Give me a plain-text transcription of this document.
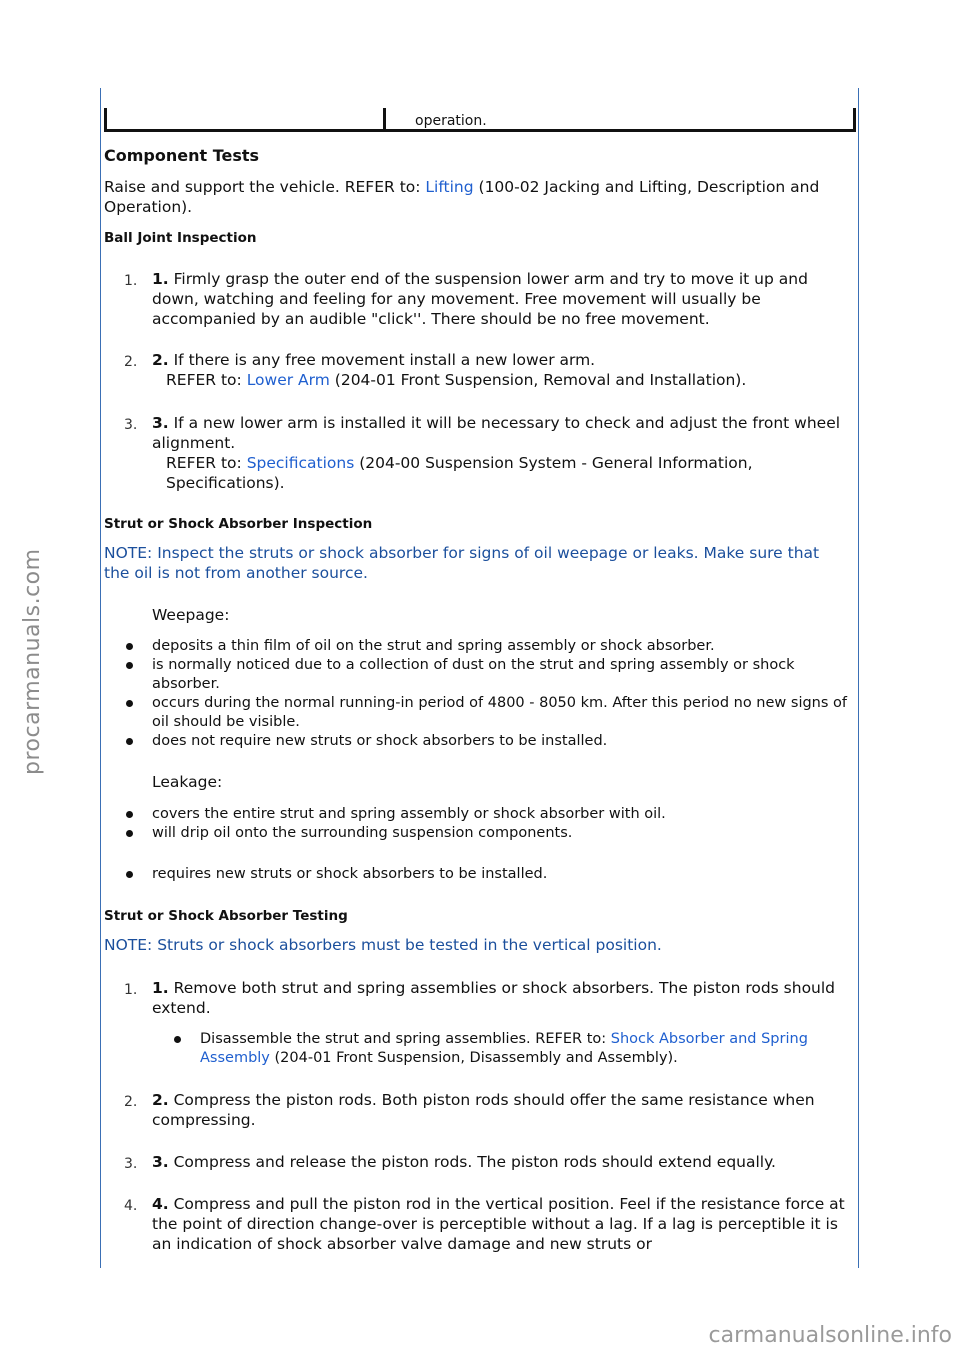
procarmanuals.com
carmanualsonline.info
operation.
Component Tests
Raise and support the vehicle. REFER to: Lifting (100-02 Jacking and Lifting, Description and Operation).
Ball Joint Inspection
1. 1. Firmly grasp the outer end of the suspension lower arm and try to move it up and down, watching and feeling for any movement. Free movement will usually be accompanied by an audible "click''. There should be no free movement.
2. 2. If there is any free movement install a new lower arm.
REFER to: Lower Arm (204-01 Front Suspension, Removal and Installation).
3. 3. If a new lower arm is installed it will be necessary to check and adjust the front wheel alignment.
REFER to: Specifications (204-00 Suspension System - General Information, Specifications).
Strut or Shock Absorber Inspection
NOTE: Inspect the struts or shock absorber for signs of oil weepage or leaks. Make sure that the oil is not from another source.
Weepage:

deposits a thin film of oil on the strut and spring assembly or shock absorber.

is normally noticed due to a collection of dust on the strut and spring assembly or shock absorber.

occurs during the normal running-in period of 4800 - 8050 km. After this period no new signs of oil should be visible.

does not require new struts or shock absorbers to be installed.

Leakage:

covers the entire strut and spring assembly or shock absorber with oil.

will drip oil onto the surrounding suspension components.

requires new struts or shock absorbers to be installed.

Strut or Shock Absorber Testing
NOTE: Struts or shock absorbers must be tested in the vertical position.
1. 1. Remove both strut and spring assemblies or shock absorbers. The piston rods should extend.

Disassemble the strut and spring assemblies. REFER to: Shock Absorber and Spring Assembly (204-01 Front Suspension, Disassembly and Assembly).

2. 2. Compress the piston rods. Both piston rods should offer the same resistance when compressing.
3. 3. Compress and release the piston rods. The piston rods should extend equally.
4. 4. Compress and pull the piston rod in the vertical position. Feel if the resistance force at the point of direction change-over is perceptible without a lag. If a lag is perceptible it is an indication of shock absorber valve damage and new struts or
